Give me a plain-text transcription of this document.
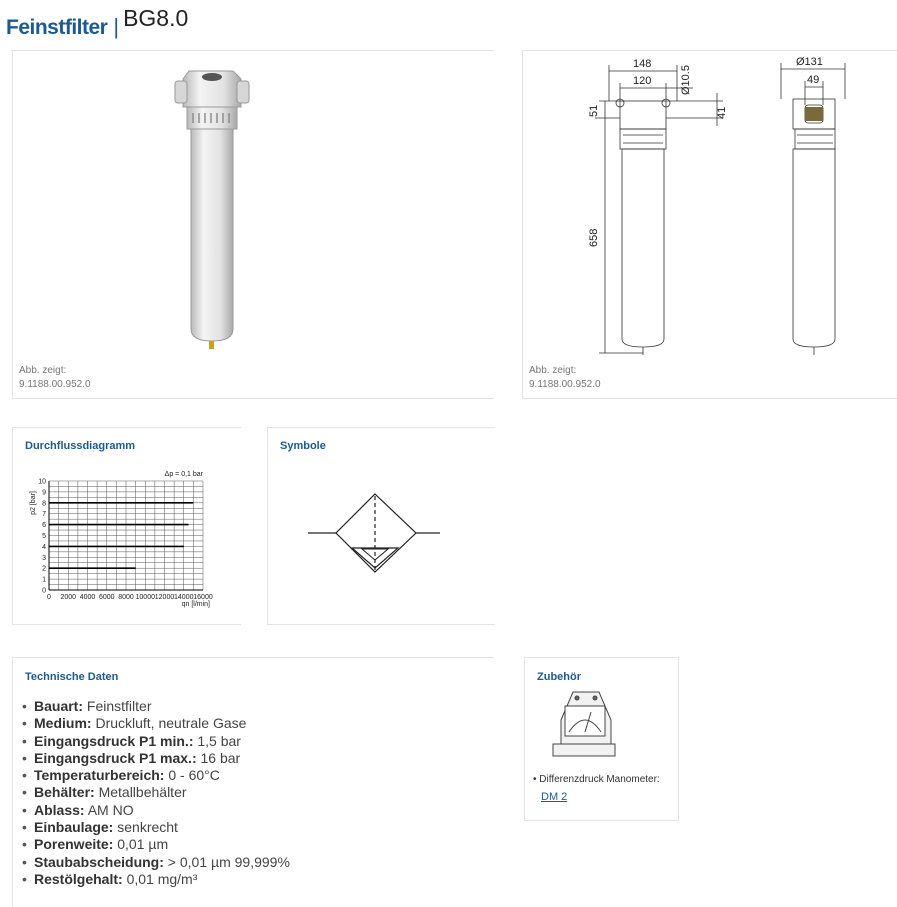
Feinstfilter | BG8.0
Abb. zeigt:
9.1188.00.952.0
148
120	Ø10.5
51	41
658
Ø131
49
Abb. zeigt:
9.1188.00.952.0
Durchflussdiagramm
0
1
2
3
4
5
6
7
8
9
10
0 2000 4000 6000 8000 10000 12000 14000 16000
p2 [bar]
qn [l/min]
Δp = 0,1 bar
Symbole
Technische Daten
• Bauart: Feinstfilter
• Medium: Druckluft, neutrale Gase
• Eingangsdruck P1 min.: 1,5 bar
• Eingangsdruck P1 max.: 16 bar
• Temperaturbereich: 0 - 60°C
• Behälter: Metallbehälter
• Ablass: AM NO
• Einbaulage: senkrecht
• Porenweite: 0,01 µm
• Staubabscheidung: > 0,01 µm 99,999%
• Restölgehalt: 0,01 mg/m³
Zubehör
• Differenzdruck Manometer:
DM 2
